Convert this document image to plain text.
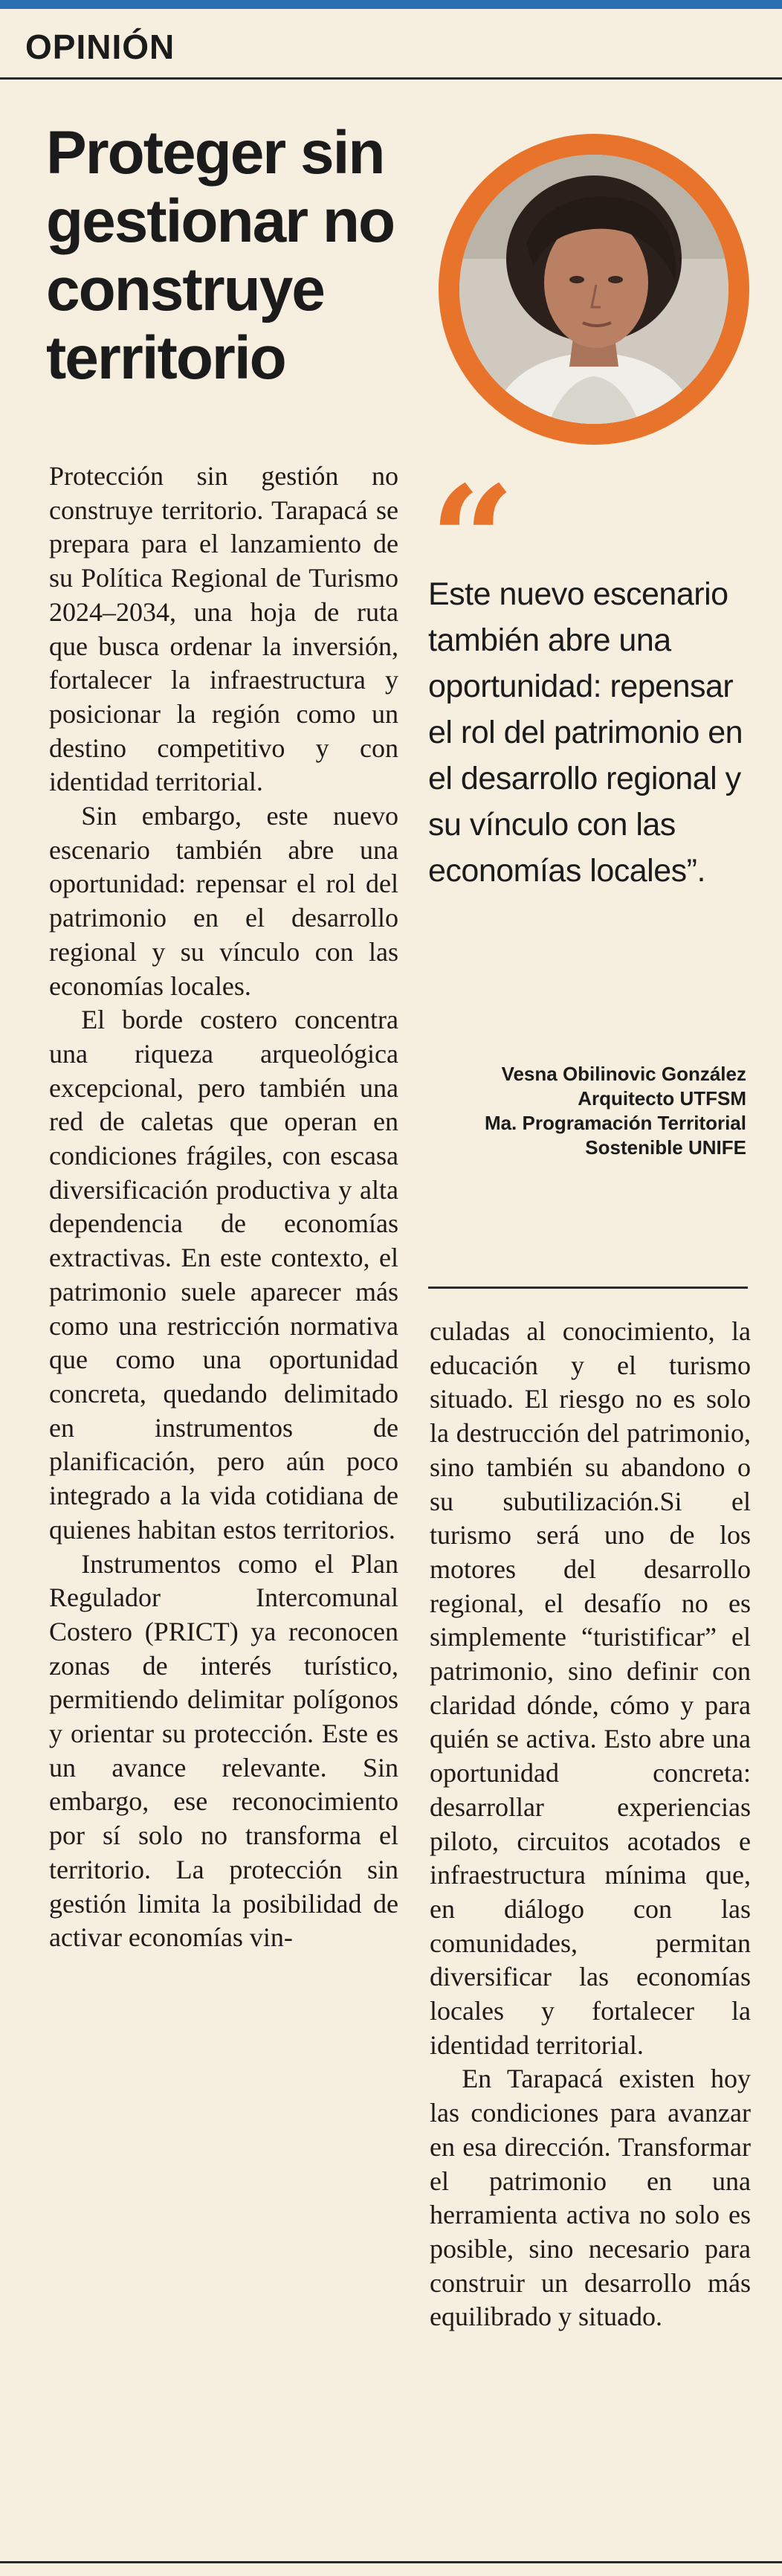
OPINIÓN
Proteger sin gestionar no construye territorio

Protección sin gestión no construye territorio. Tarapacá se prepara para el lanzamiento de su Política Regional de Turismo 2024–2034, una hoja de ruta que busca ordenar la inversión, fortalecer la infraestructura y posicionar la región como un destino competitivo y con identidad territorial.

Sin embargo, este nuevo escenario también abre una oportunidad: repensar el rol del patrimonio en el desarrollo regional y su vínculo con las economías locales.

El borde costero concentra una riqueza arqueológica excepcional, pero también una red de caletas que operan en condiciones frágiles, con escasa diversificación productiva y alta dependencia de economías extractivas. En este contexto, el patrimonio suele aparecer más como una restricción normativa que como una oportunidad concreta, quedando delimitado en instrumentos de planificación, pero aún poco integrado a la vida cotidiana de quienes habitan estos territorios.

Instrumentos como el Plan Regulador Intercomunal Costero (PRICT) ya reconocen zonas de interés turístico, permitiendo delimitar polígonos y orientar su protección. Este es un avance relevante. Sin embargo, ese reconocimiento por sí solo no transforma el territorio. La protección sin gestión limita la posibilidad de activar economías vin-

“
Este nuevo escenario también abre una oportunidad: repensar el rol del patrimonio en el desarrollo regional y su vínculo con las economías locales”.
Vesna Obilinovic González
Arquitecto UTFSM
Ma. Programación Territorial
Sostenible UNIFE

culadas al conocimiento, la educación y el turismo situado. El riesgo no es solo la destrucción del patrimonio, sino también su abandono o su subutilización.Si el turismo será uno de los motores del desarrollo regional, el desafío no es simplemente “turistificar” el patrimonio, sino definir con claridad dónde, cómo y para quién se activa. Esto abre una oportunidad concreta: desarrollar experiencias piloto, circuitos acotados e infraestructura mínima que, en diálogo con las comunidades, permitan diversificar las economías locales y fortalecer la identidad territorial.

En Tarapacá existen hoy las condiciones para avanzar en esa dirección. Transformar el patrimonio en una herramienta activa no solo es posible, sino necesario para construir un desarrollo más equilibrado y situado.
